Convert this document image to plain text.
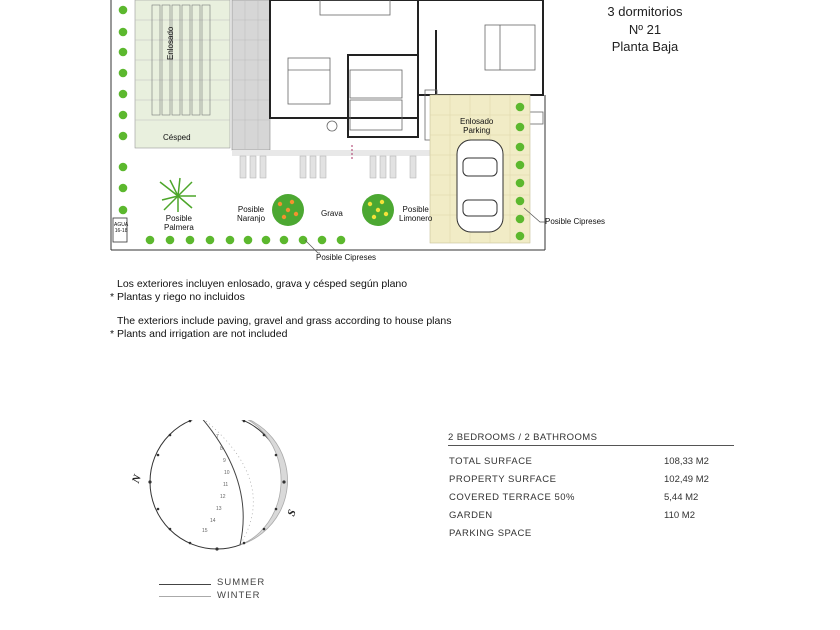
Enlosado
Césped
Enlosado
Parking
Posible
Palmera
Posible
Naranjo
Grava	Posible
Limonero	Posible Cipreses
Posible Cipreses
AGUA
16-18
3 dormitorios
Nº 21
Planta Baja
Los exteriores incluyen enlosado, grava y césped según plano
* Plantas y riego no incluidos
The exteriors include paving, gravel and grass according to house plans
* Plants and irrigation are not included
7
8
9
10
11
12
13
14
15
N
S
SUMMER
WINTER
2 BEDROOMS / 2 BATHROOMS
TOTAL SURFACE	108,33 M2
PROPERTY SURFACE	102,49 M2
COVERED TERRACE 50%	5,44 M2
GARDEN	110 M2
PARKING SPACE
